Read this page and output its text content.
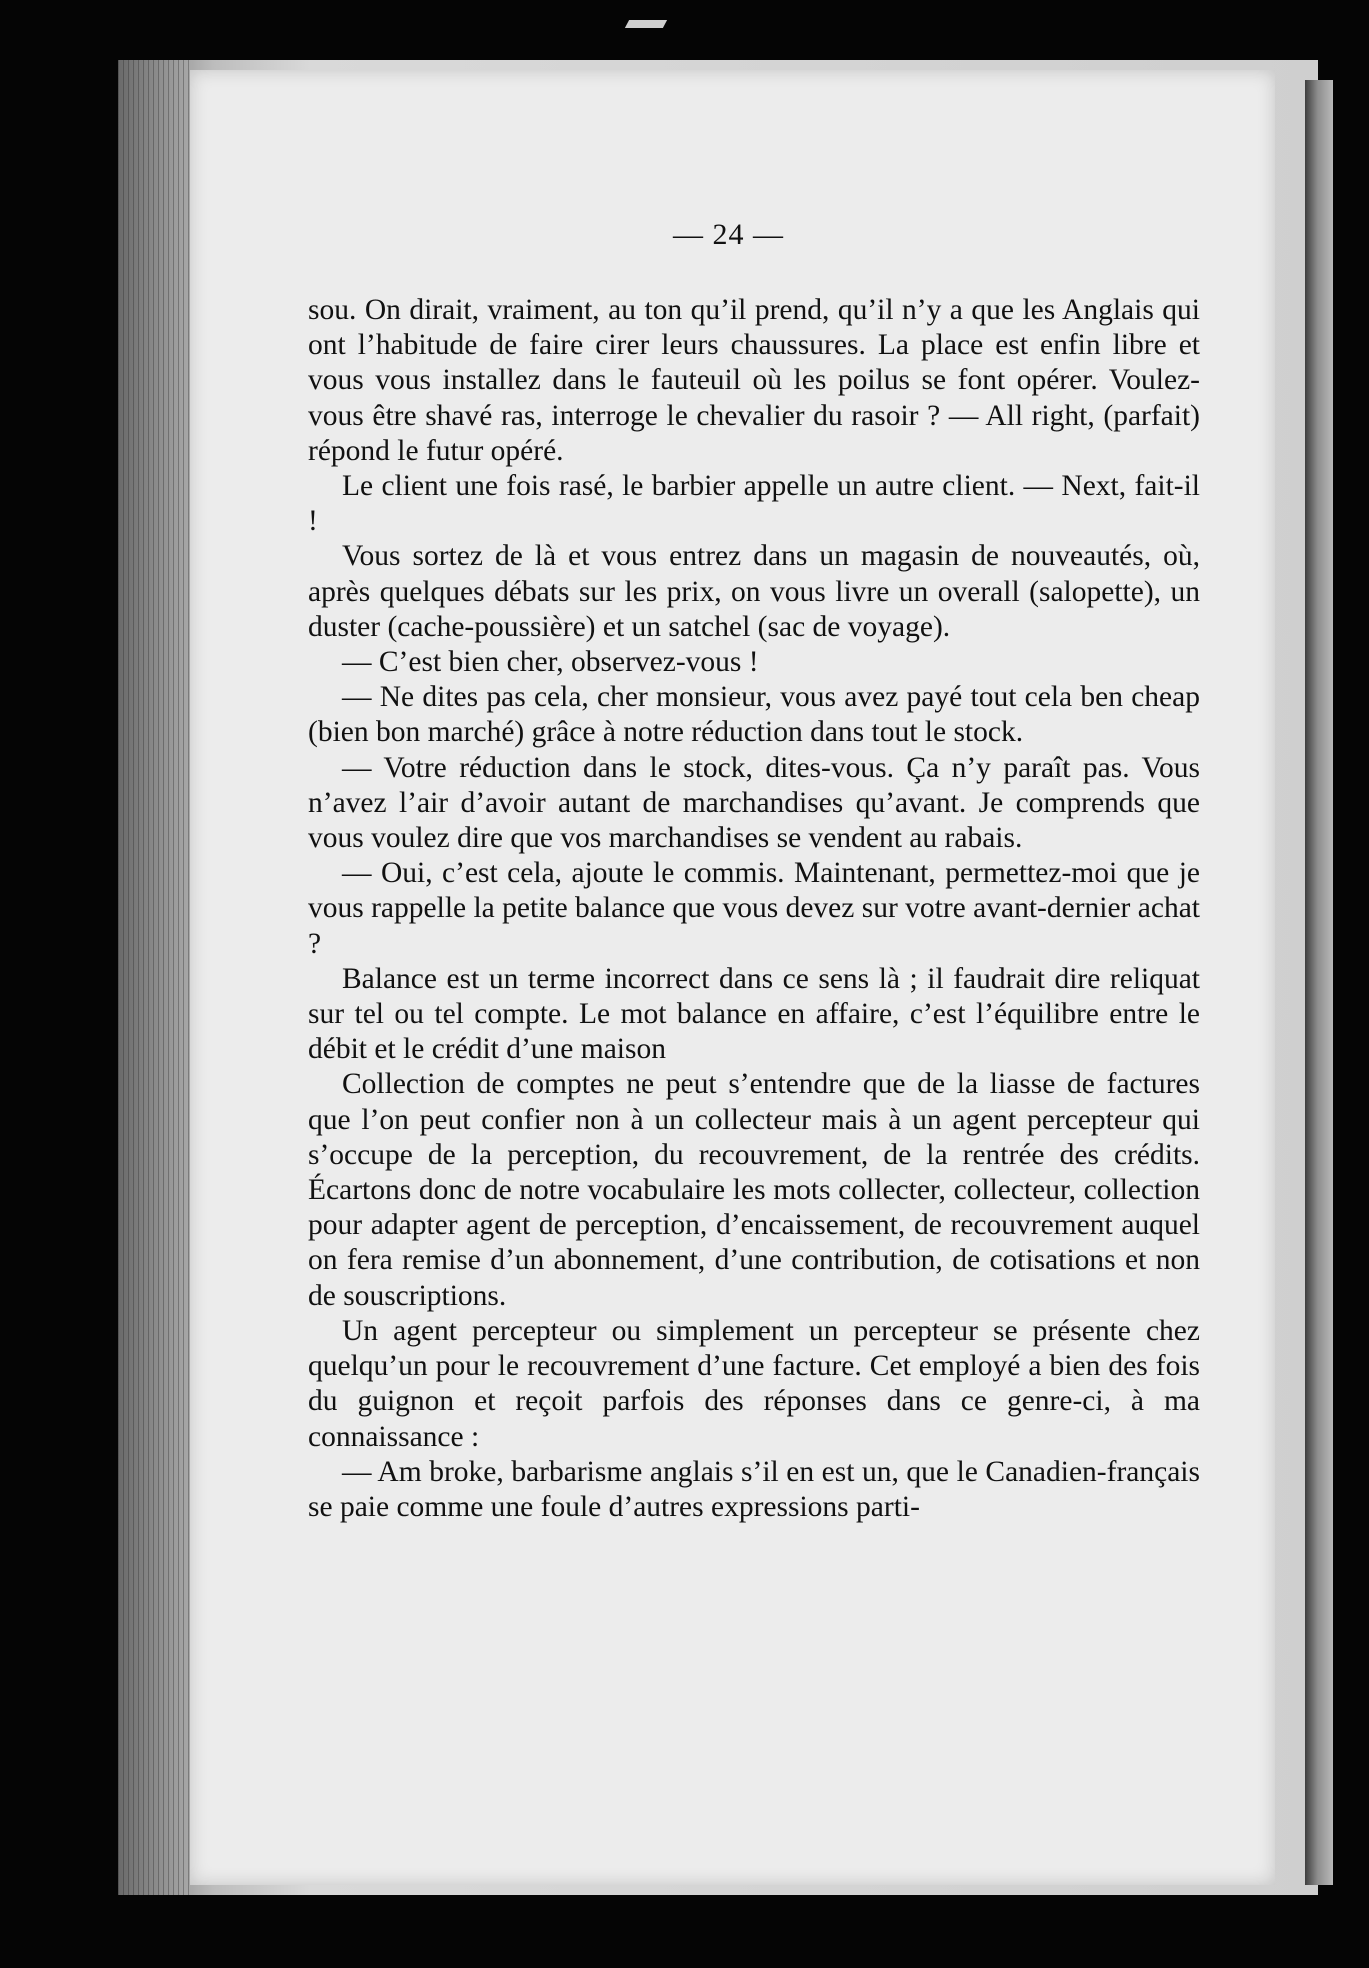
— 24 —

sou. On dirait, vraiment, au ton qu’il prend, qu’il n’y a que les Anglais qui ont l’habitude de faire cirer leurs chaussures. La place est enfin libre et vous vous installez dans le fauteuil où les poilus se font opérer. Voulez-vous être shavé ras, interroge le chevalier du rasoir ? — All right, (parfait) répond le futur opéré.

Le client une fois rasé, le barbier appelle un autre client. — Next, fait-il !

Vous sortez de là et vous entrez dans un magasin de nouveautés, où, après quelques débats sur les prix, on vous livre un overall (salopette), un duster (cache-poussière) et un satchel (sac de voyage).

— C’est bien cher, observez-vous !

— Ne dites pas cela, cher monsieur, vous avez payé tout cela ben cheap (bien bon marché) grâce à notre réduction dans tout le stock.

— Votre réduction dans le stock, dites-vous. Ça n’y paraît pas. Vous n’avez l’air d’avoir autant de marchandises qu’avant. Je comprends que vous voulez dire que vos marchandises se vendent au rabais.

— Oui, c’est cela, ajoute le commis. Maintenant, permettez-moi que je vous rappelle la petite balance que vous devez sur votre avant-dernier achat ?

Balance est un terme incorrect dans ce sens là ; il faudrait dire reliquat sur tel ou tel compte. Le mot balance en affaire, c’est l’équilibre entre le débit et le crédit d’une maison

Collection de comptes ne peut s’entendre que de la liasse de factures que l’on peut confier non à un collecteur mais à un agent percepteur qui s’occupe de la perception, du recouvrement, de la rentrée des crédits. Écartons donc de notre vocabulaire les mots collecter, collecteur, collection pour adapter agent de perception, d’encaissement, de recouvrement auquel on fera remise d’un abonnement, d’une contribution, de cotisations et non de souscriptions.

Un agent percepteur ou simplement un percepteur se présente chez quelqu’un pour le recouvrement d’une facture. Cet employé a bien des fois du guignon et reçoit parfois des réponses dans ce genre-ci, à ma connaissance :

— Am broke, barbarisme anglais s’il en est un, que le Canadien-français se paie comme une foule d’autres expressions parti-
